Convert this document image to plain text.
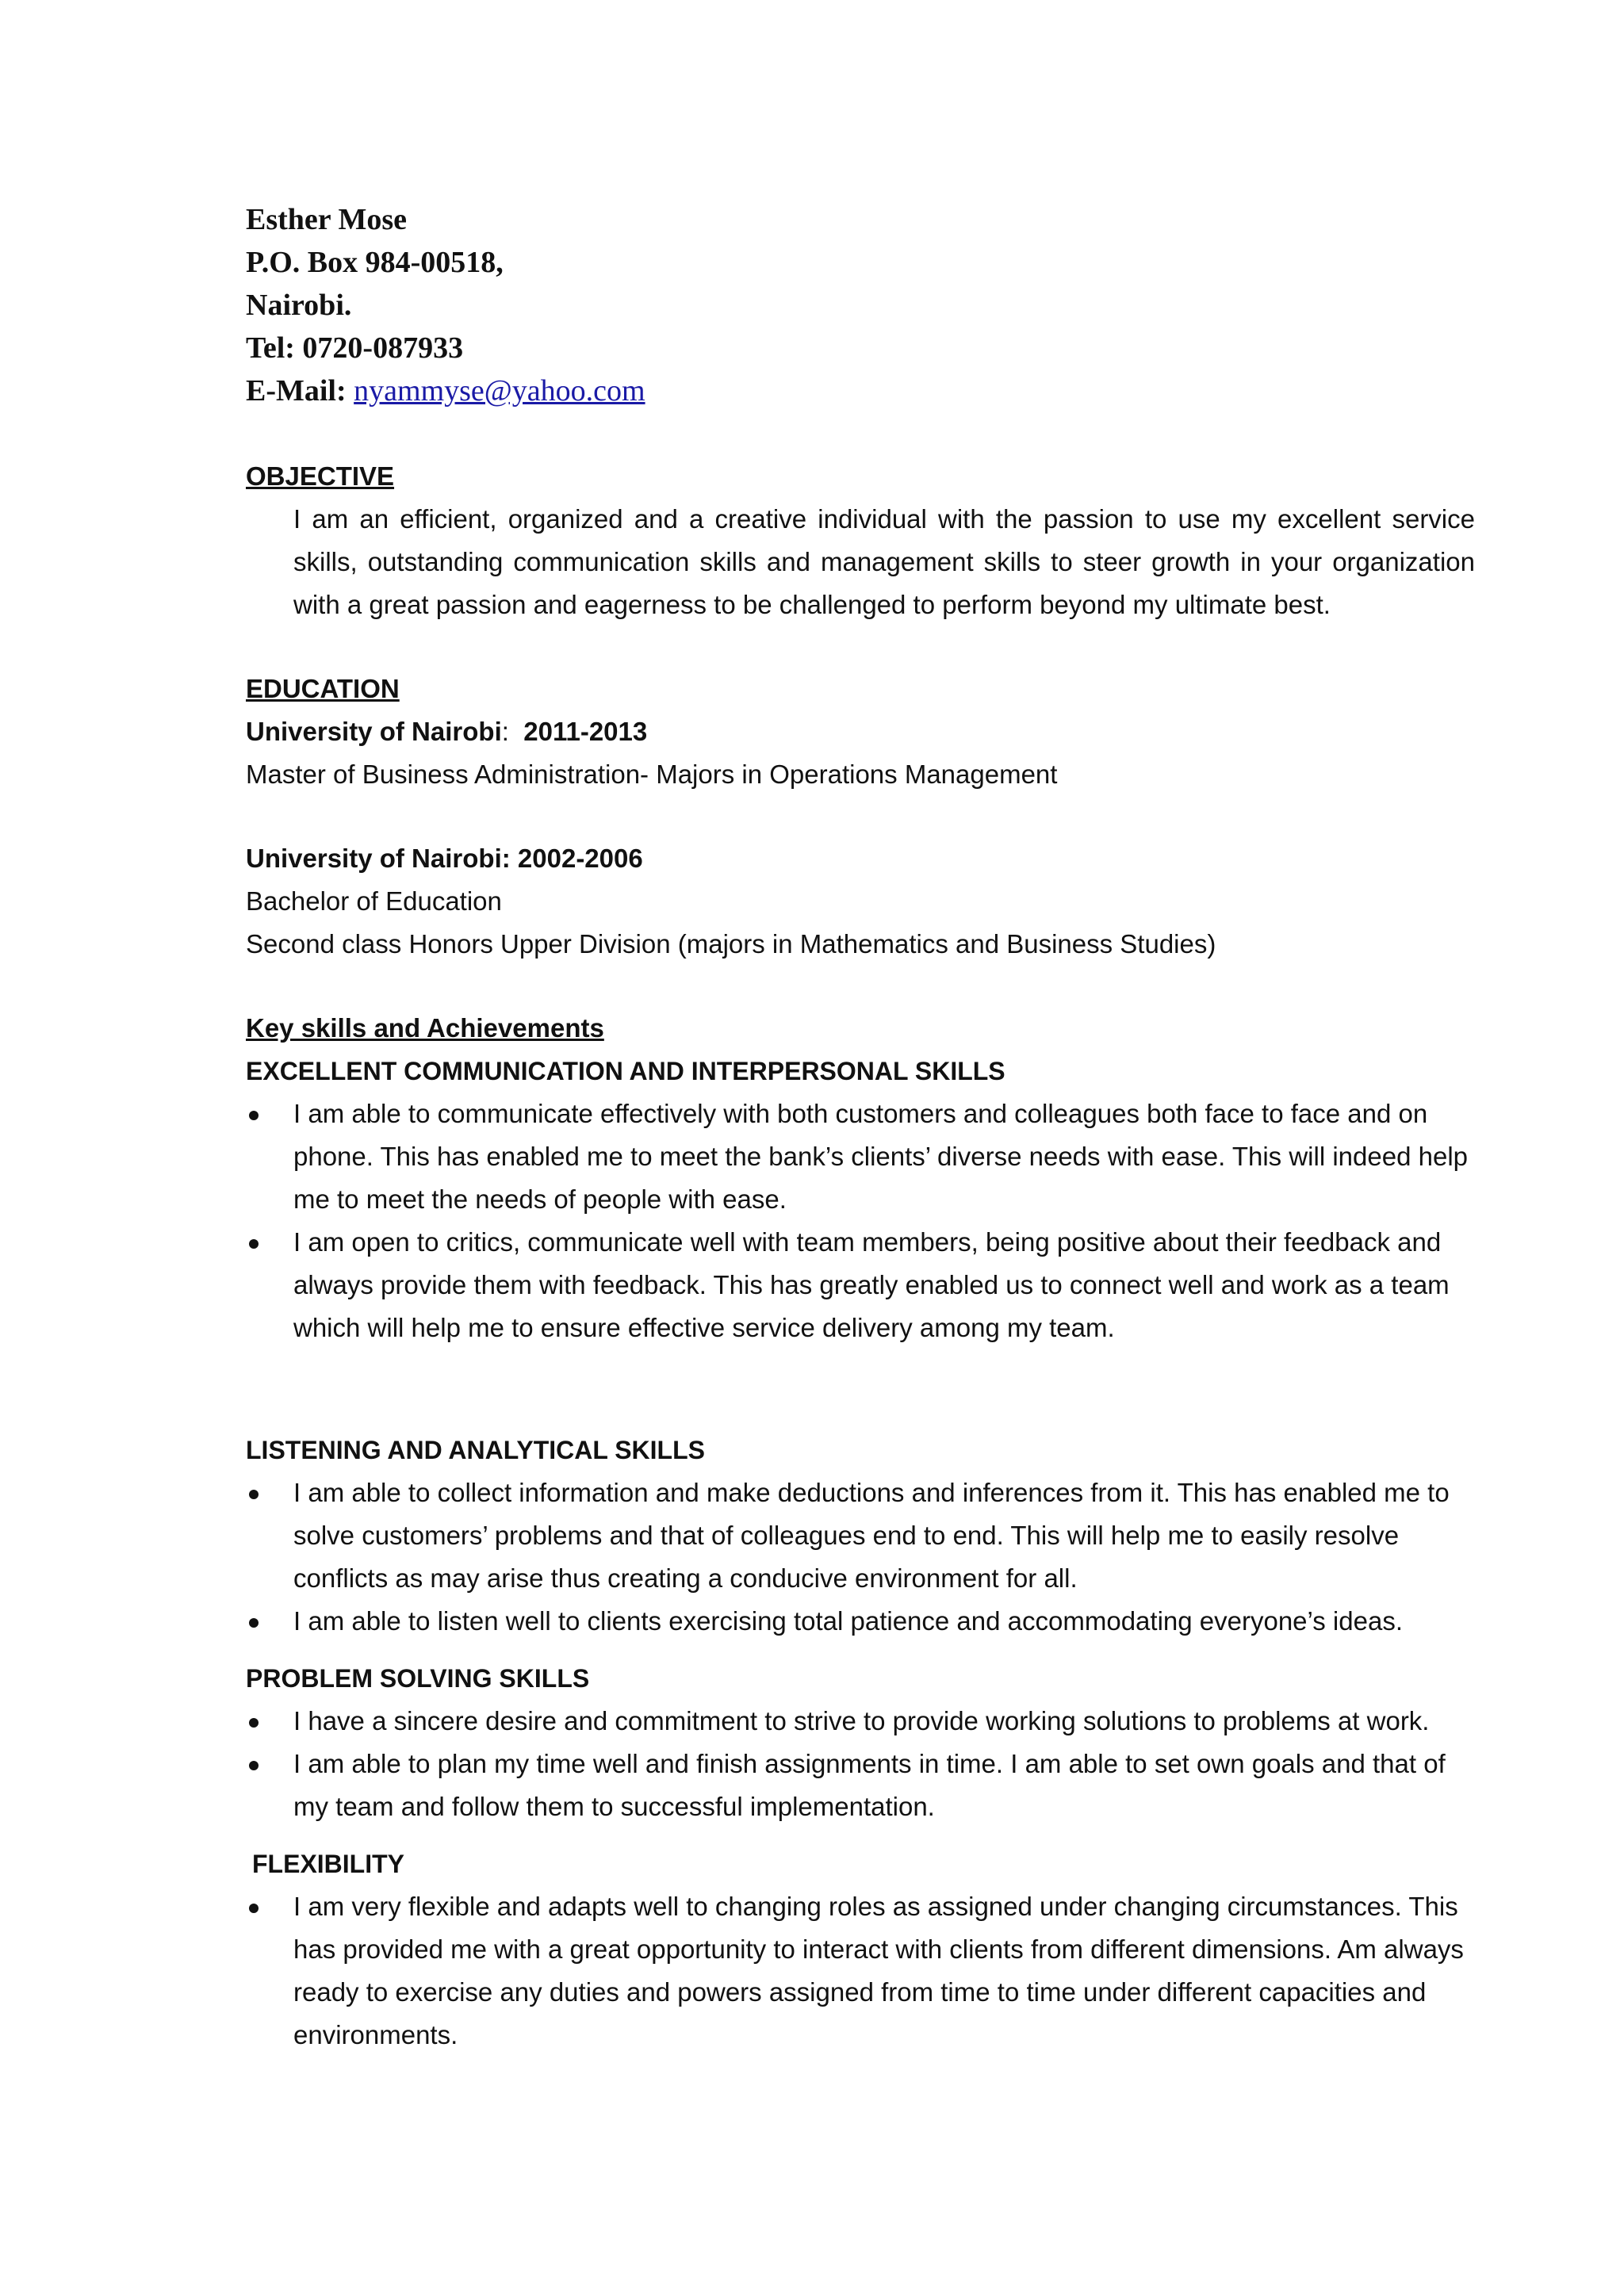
Esther Mose

P.O. Box 984-00518,

Nairobi.

Tel: 0720-087933

E-Mail: nyammyse@yahoo.com

OBJECTIVE

I am an efficient, organized and a creative individual with the passion to use my excellent service skills, outstanding communication skills and management skills to steer growth in your organization with a great passion and eagerness to be challenged to perform beyond my ultimate best.

EDUCATION

University of Nairobi: 2011-2013

Master of Business Administration- Majors in Operations Management

University of Nairobi: 2002-2006

Bachelor of Education

Second class Honors Upper Division (majors in Mathematics and Business Studies)

Key skills and Achievements

EXCELLENT COMMUNICATION AND INTERPERSONAL SKILLS

I am able to communicate effectively with both customers and colleagues both face to face and on phone. This has enabled me to meet the bank’s clients’ diverse needs with ease. This will indeed help me to meet the needs of people with ease.
I am open to critics, communicate well with team members, being positive about their feedback and always provide them with feedback. This has greatly enabled us to connect well and work as a team which will help me to ensure effective service delivery among my team.

LISTENING AND ANALYTICAL SKILLS

I am able to collect information and make deductions and inferences from it. This has enabled me to solve customers’ problems and that of colleagues end to end. This will help me to easily resolve conflicts as may arise thus creating a conducive environment for all.
I am able to listen well to clients exercising total patience and accommodating everyone’s ideas.

PROBLEM SOLVING SKILLS

I have a sincere desire and commitment to strive to provide working solutions to problems at work.
I am able to plan my time well and finish assignments in time. I am able to set own goals and that of my team and follow them to successful implementation.

FLEXIBILITY

I am very flexible and adapts well to changing roles as assigned under changing circumstances. This has provided me with a great opportunity to interact with clients from different dimensions. Am always ready to exercise any duties and powers assigned from time to time under different capacities and environments.
